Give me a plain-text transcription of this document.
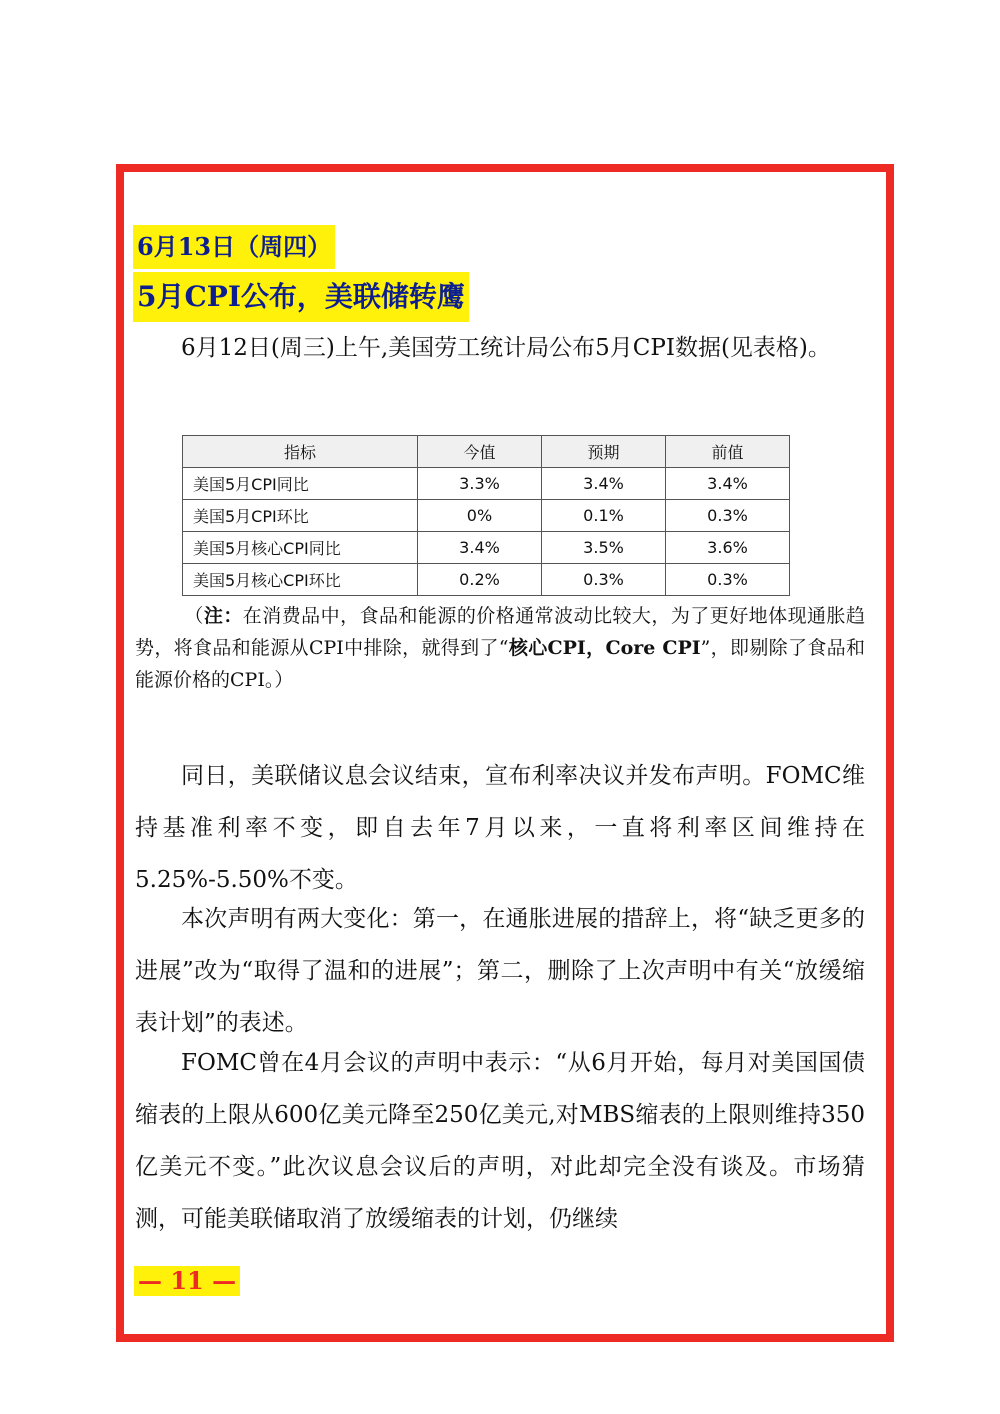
6月13日（周四）
5月CPI公布，美联储转鹰

6月12日(周三)上午,美国劳工统计局公布5月CPI数据(见表格)。

指标	今值	预期	前值
美国5月CPI同比	3.3%	3.4%	3.4%
美国5月CPI环比	0%	0.1%	0.3%
美国5月核心CPI同比	3.4%	3.5%	3.6%
美国5月核心CPI环比	0.2%	0.3%	0.3%

（注：在消费品中，食品和能源的价格通常波动比较大，为了更好地体现通胀趋势，将食品和能源从CPI中排除，就得到了“核心CPI，Core CPI”，即剔除了食品和能源价格的CPI。）

同日，美联储议息会议结束，宣布利率决议并发布声明。FOMC维持基准利率不变，即自去年7月以来，一直将利率区间维持在5.25%-5.50%不变。

本次声明有两大变化：第一，在通胀进展的措辞上，将“缺乏更多的进展”改为“取得了温和的进展”；第二，删除了上次声明中有关“放缓缩表计划”的表述。

FOMC曾在4月会议的声明中表示：“从6月开始，每月对美国国债缩表的上限从600亿美元降至250亿美元,对MBS缩表的上限则维持350亿美元不变。”此次议息会议后的声明，对此却完全没有谈及。市场猜测，可能美联储取消了放缓缩表的计划，仍继续

— 11 —
